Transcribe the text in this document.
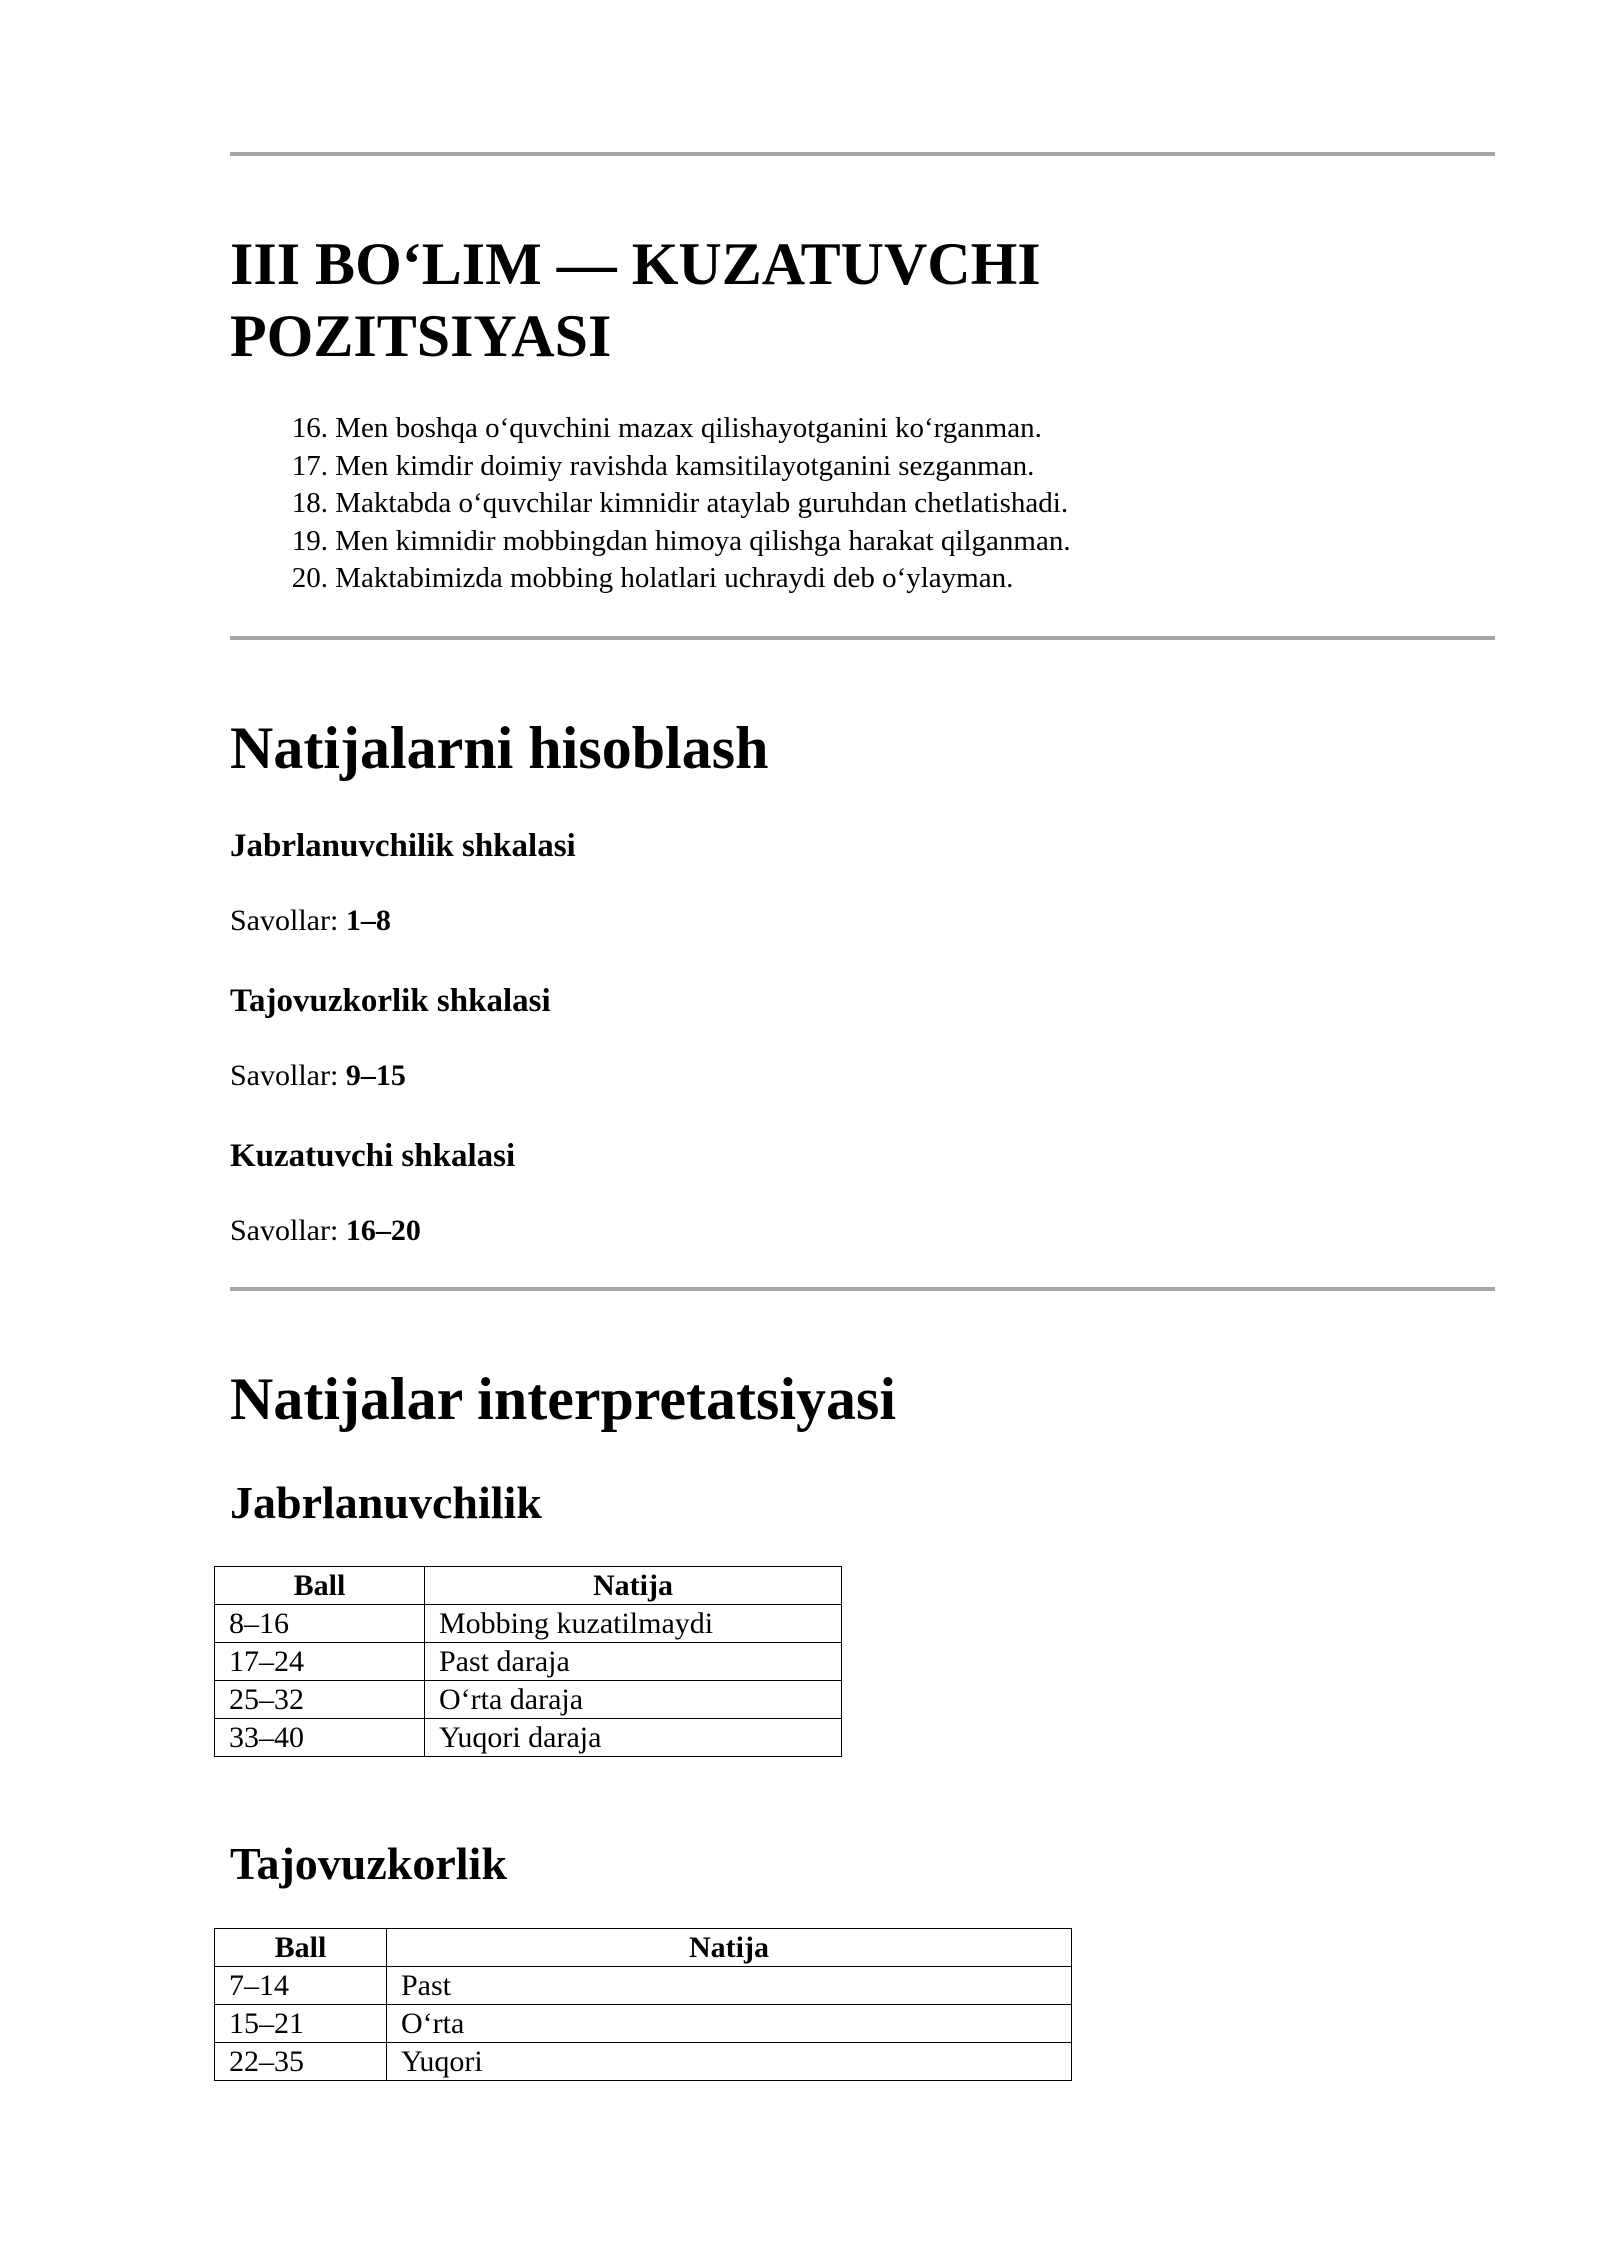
III BO‘LIM — KUZATUVCHI POZITSIYASI
16. Men boshqa o‘quvchini mazax qilishayotganini ko‘rganman.
17. Men kimdir doimiy ravishda kamsitilayotganini sezganman.
18. Maktabda o‘quvchilar kimnidir ataylab guruhdan chetlatishadi.
19. Men kimnidir mobbingdan himoya qilishga harakat qilganman.
20. Maktabimizda mobbing holatlari uchraydi deb o‘ylayman.
Natijalarni hisoblash
Jabrlanuvchilik shkalasi

Savollar: 1–8

Tajovuzkorlik shkalasi

Savollar: 9–15

Kuzatuvchi shkalasi

Savollar: 16–20

Natijalar interpretatsiyasi
Jabrlanuvchilik
Ball	Natija
8–16	Mobbing kuzatilmaydi
17–24	Past daraja
25–32	O‘rta daraja
33–40	Yuqori daraja
Tajovuzkorlik
Ball	Natija
7–14	Past
15–21	O‘rta
22–35	Yuqori
